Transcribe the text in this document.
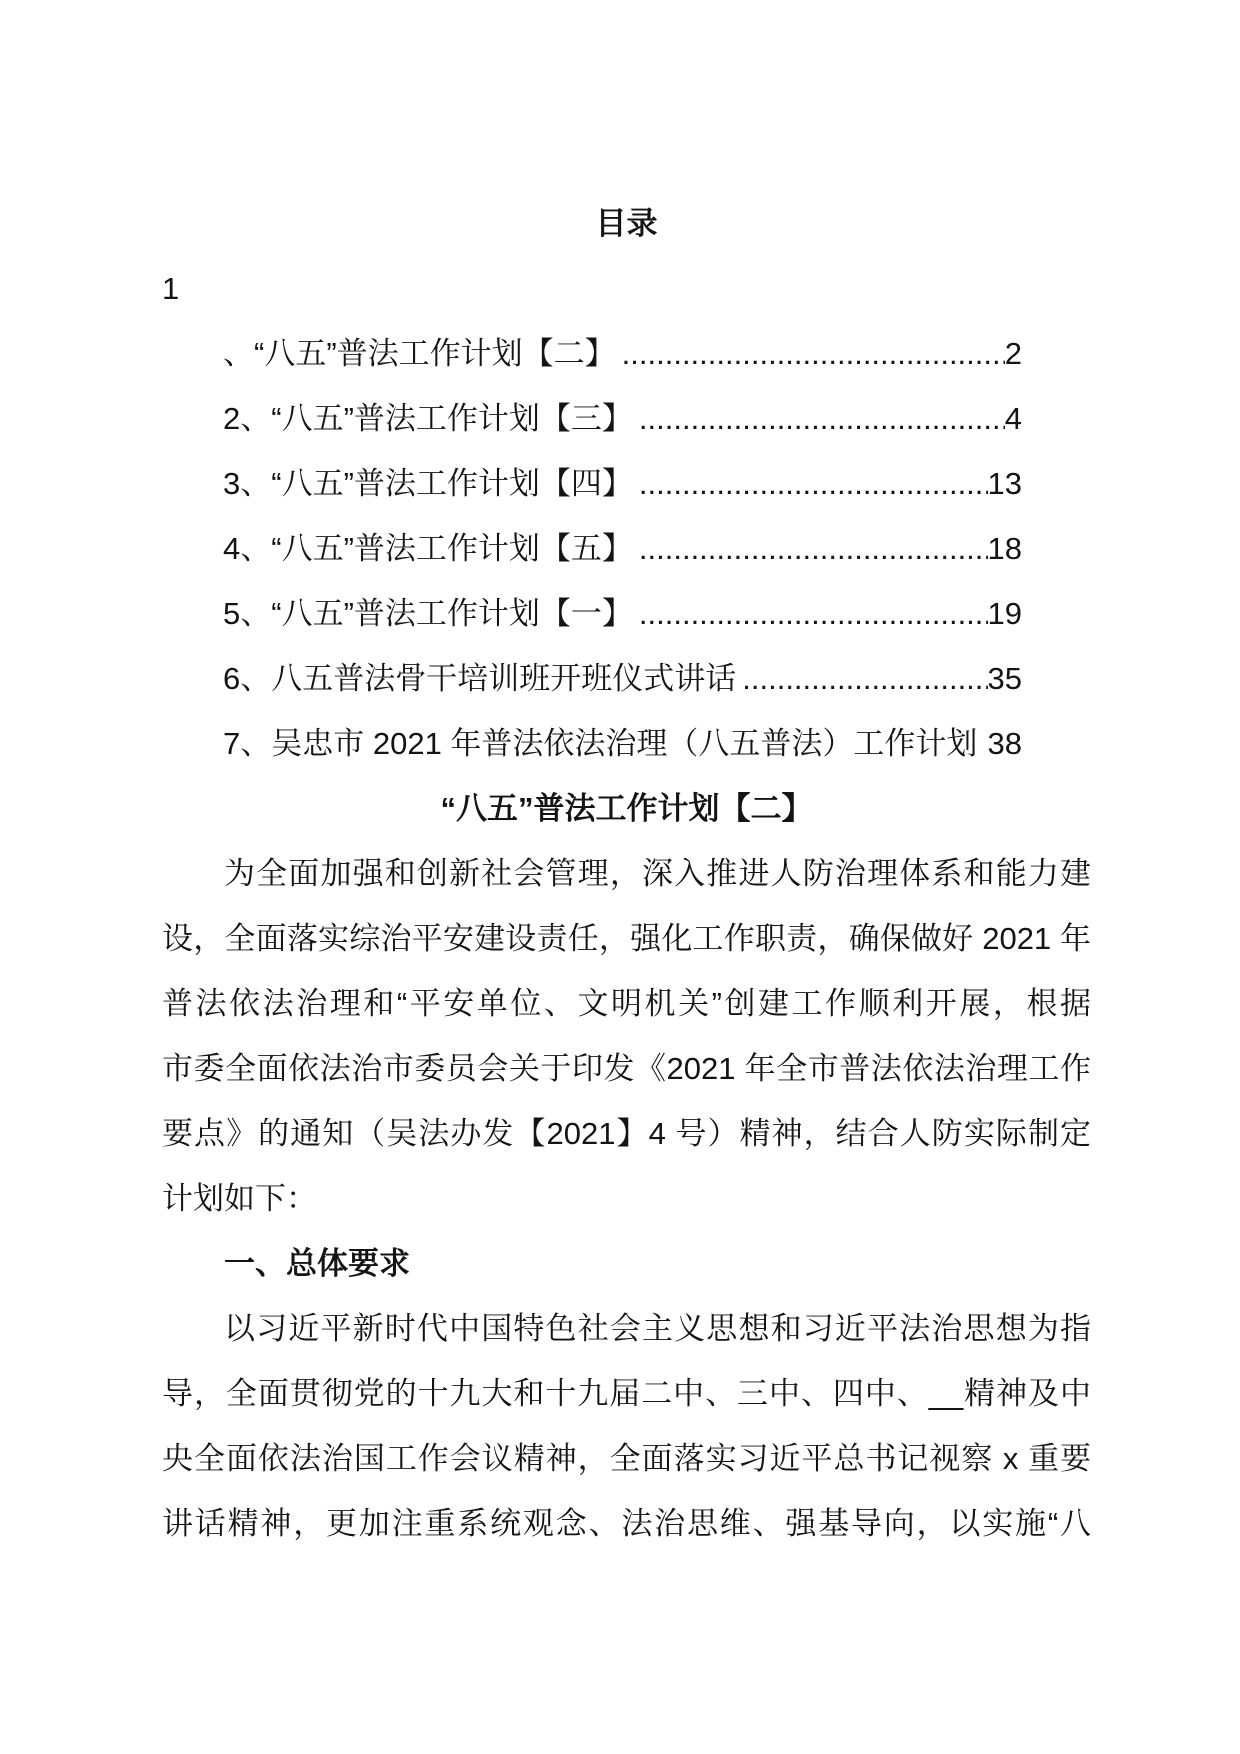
目录
1
、“八五”普法工作计划【二】 .....	2
2、“八五”普法工作计划【三】 .....	4
3、“八五”普法工作计划【四】 .....	13
4、“八五”普法工作计划【五】 .....	18
5、“八五”普法工作计划【一】 .....	19
6、八五普法骨干培训班开班仪式讲话 .....	35
7、吴忠市 2021 年普法依法治理（八五普法）工作计划 38
“八五”普法工作计划【二】
为全面加强和创新社会管理，深入推进人防治理体系和能力建
设，全面落实综治平安建设责任，强化工作职责，确保做好 2021 年
普法依法治理和“平安单位、文明机关”创建工作顺利开展，根据
市委全面依法治市委员会关于印发《2021 年全市普法依法治理工作
要点》的通知（吴法办发【2021】4 号）精神，结合人防实际制定
计划如下：
一、总体要求
以习近平新时代中国特色社会主义思想和习近平法治思想为指
导，全面贯彻党的十九大和十九届二中、三中、四中、__精神及中
央全面依法治国工作会议精神，全面落实习近平总书记视察 x 重要
讲话精神，更加注重系统观念、法治思维、强基导向，以实施“八
